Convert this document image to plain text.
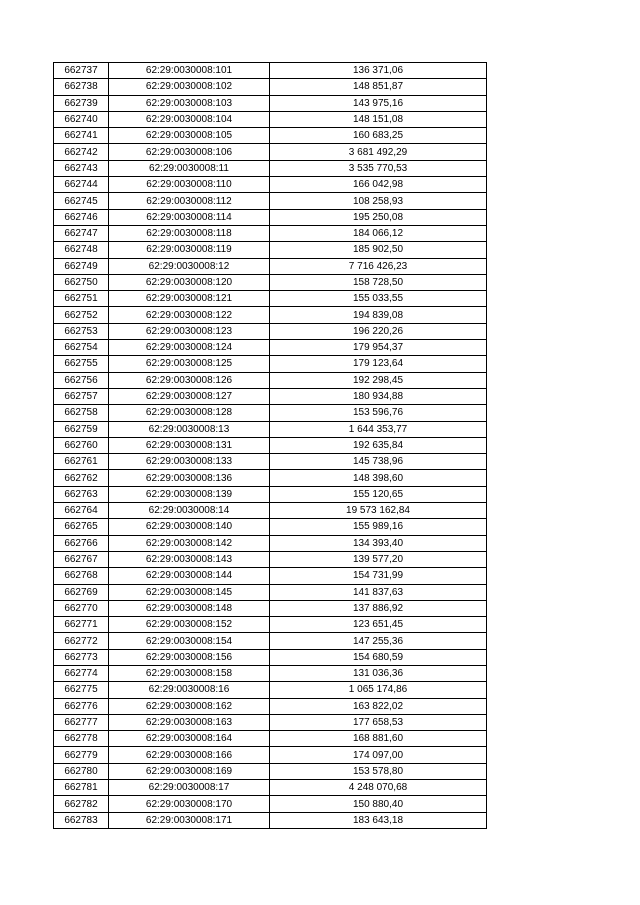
662737	62:29:0030008:101	136 371,06
662738	62:29:0030008:102	148 851,87
662739	62:29:0030008:103	143 975,16
662740	62:29:0030008:104	148 151,08
662741	62:29:0030008:105	160 683,25
662742	62:29:0030008:106	3 681 492,29
662743	62:29:0030008:11	3 535 770,53
662744	62:29:0030008:110	166 042,98
662745	62:29:0030008:112	108 258,93
662746	62:29:0030008:114	195 250,08
662747	62:29:0030008:118	184 066,12
662748	62:29:0030008:119	185 902,50
662749	62:29:0030008:12	7 716 426,23
662750	62:29:0030008:120	158 728,50
662751	62:29:0030008:121	155 033,55
662752	62:29:0030008:122	194 839,08
662753	62:29:0030008:123	196 220,26
662754	62:29:0030008:124	179 954,37
662755	62:29:0030008:125	179 123,64
662756	62:29:0030008:126	192 298,45
662757	62:29:0030008:127	180 934,88
662758	62:29:0030008:128	153 596,76
662759	62:29:0030008:13	1 644 353,77
662760	62:29:0030008:131	192 635,84
662761	62:29:0030008:133	145 738,96
662762	62:29:0030008:136	148 398,60
662763	62:29:0030008:139	155 120,65
662764	62:29:0030008:14	19 573 162,84
662765	62:29:0030008:140	155 989,16
662766	62:29:0030008:142	134 393,40
662767	62:29:0030008:143	139 577,20
662768	62:29:0030008:144	154 731,99
662769	62:29:0030008:145	141 837,63
662770	62:29:0030008:148	137 886,92
662771	62:29:0030008:152	123 651,45
662772	62:29:0030008:154	147 255,36
662773	62:29:0030008:156	154 680,59
662774	62:29:0030008:158	131 036,36
662775	62:29:0030008:16	1 065 174,86
662776	62:29:0030008:162	163 822,02
662777	62:29:0030008:163	177 658,53
662778	62:29:0030008:164	168 881,60
662779	62:29:0030008:166	174 097,00
662780	62:29:0030008:169	153 578,80
662781	62:29:0030008:17	4 248 070,68
662782	62:29:0030008:170	150 880,40
662783	62:29:0030008:171	183 643,18
